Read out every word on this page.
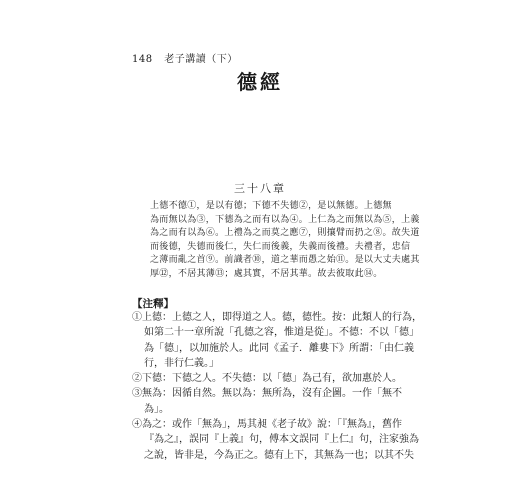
148 老子講讀（下）
德經
三十八章
上德不德①，是以有德；下德不失德②，是以無德。上德無
為而無以為③，下德為之而有以為④。上仁為之而無以為⑤，上義
為之而有以為⑥。上禮為之而莫之應⑦，則攘臂而扔之⑧。故失道
而後德，失德而後仁，失仁而後義，失義而後禮。夫禮者，忠信
之薄而亂之首⑨。前識者⑩，道之華而愚之始⑪。是以大丈夫處其
厚⑫，不居其薄⑬；處其實，不居其華。故去彼取此⑭。
【注釋】
①上德：上德之人，即得道之人。德，德性。按：此類人的行為，
如第二十一章所說「孔德之容，惟道是從」。不德：不以「德」
為「德」，以加施於人。此同《孟子．離婁下》所謂：「由仁義
行，非行仁義。」
②下德：下德之人。不失德：以「德」為己有，欲加惠於人。
③無為：因循自然。無以為：無所為，沒有企圖。一作「無不
為」。
④為之：或作「無為」，馬其昶《老子故》說：「『無為』，舊作
『為之』，誤同『上義』句，傅本文誤同『上仁』句，注家強為
之說，皆非是，今為正之。德有上下，其無為一也；以其不失
